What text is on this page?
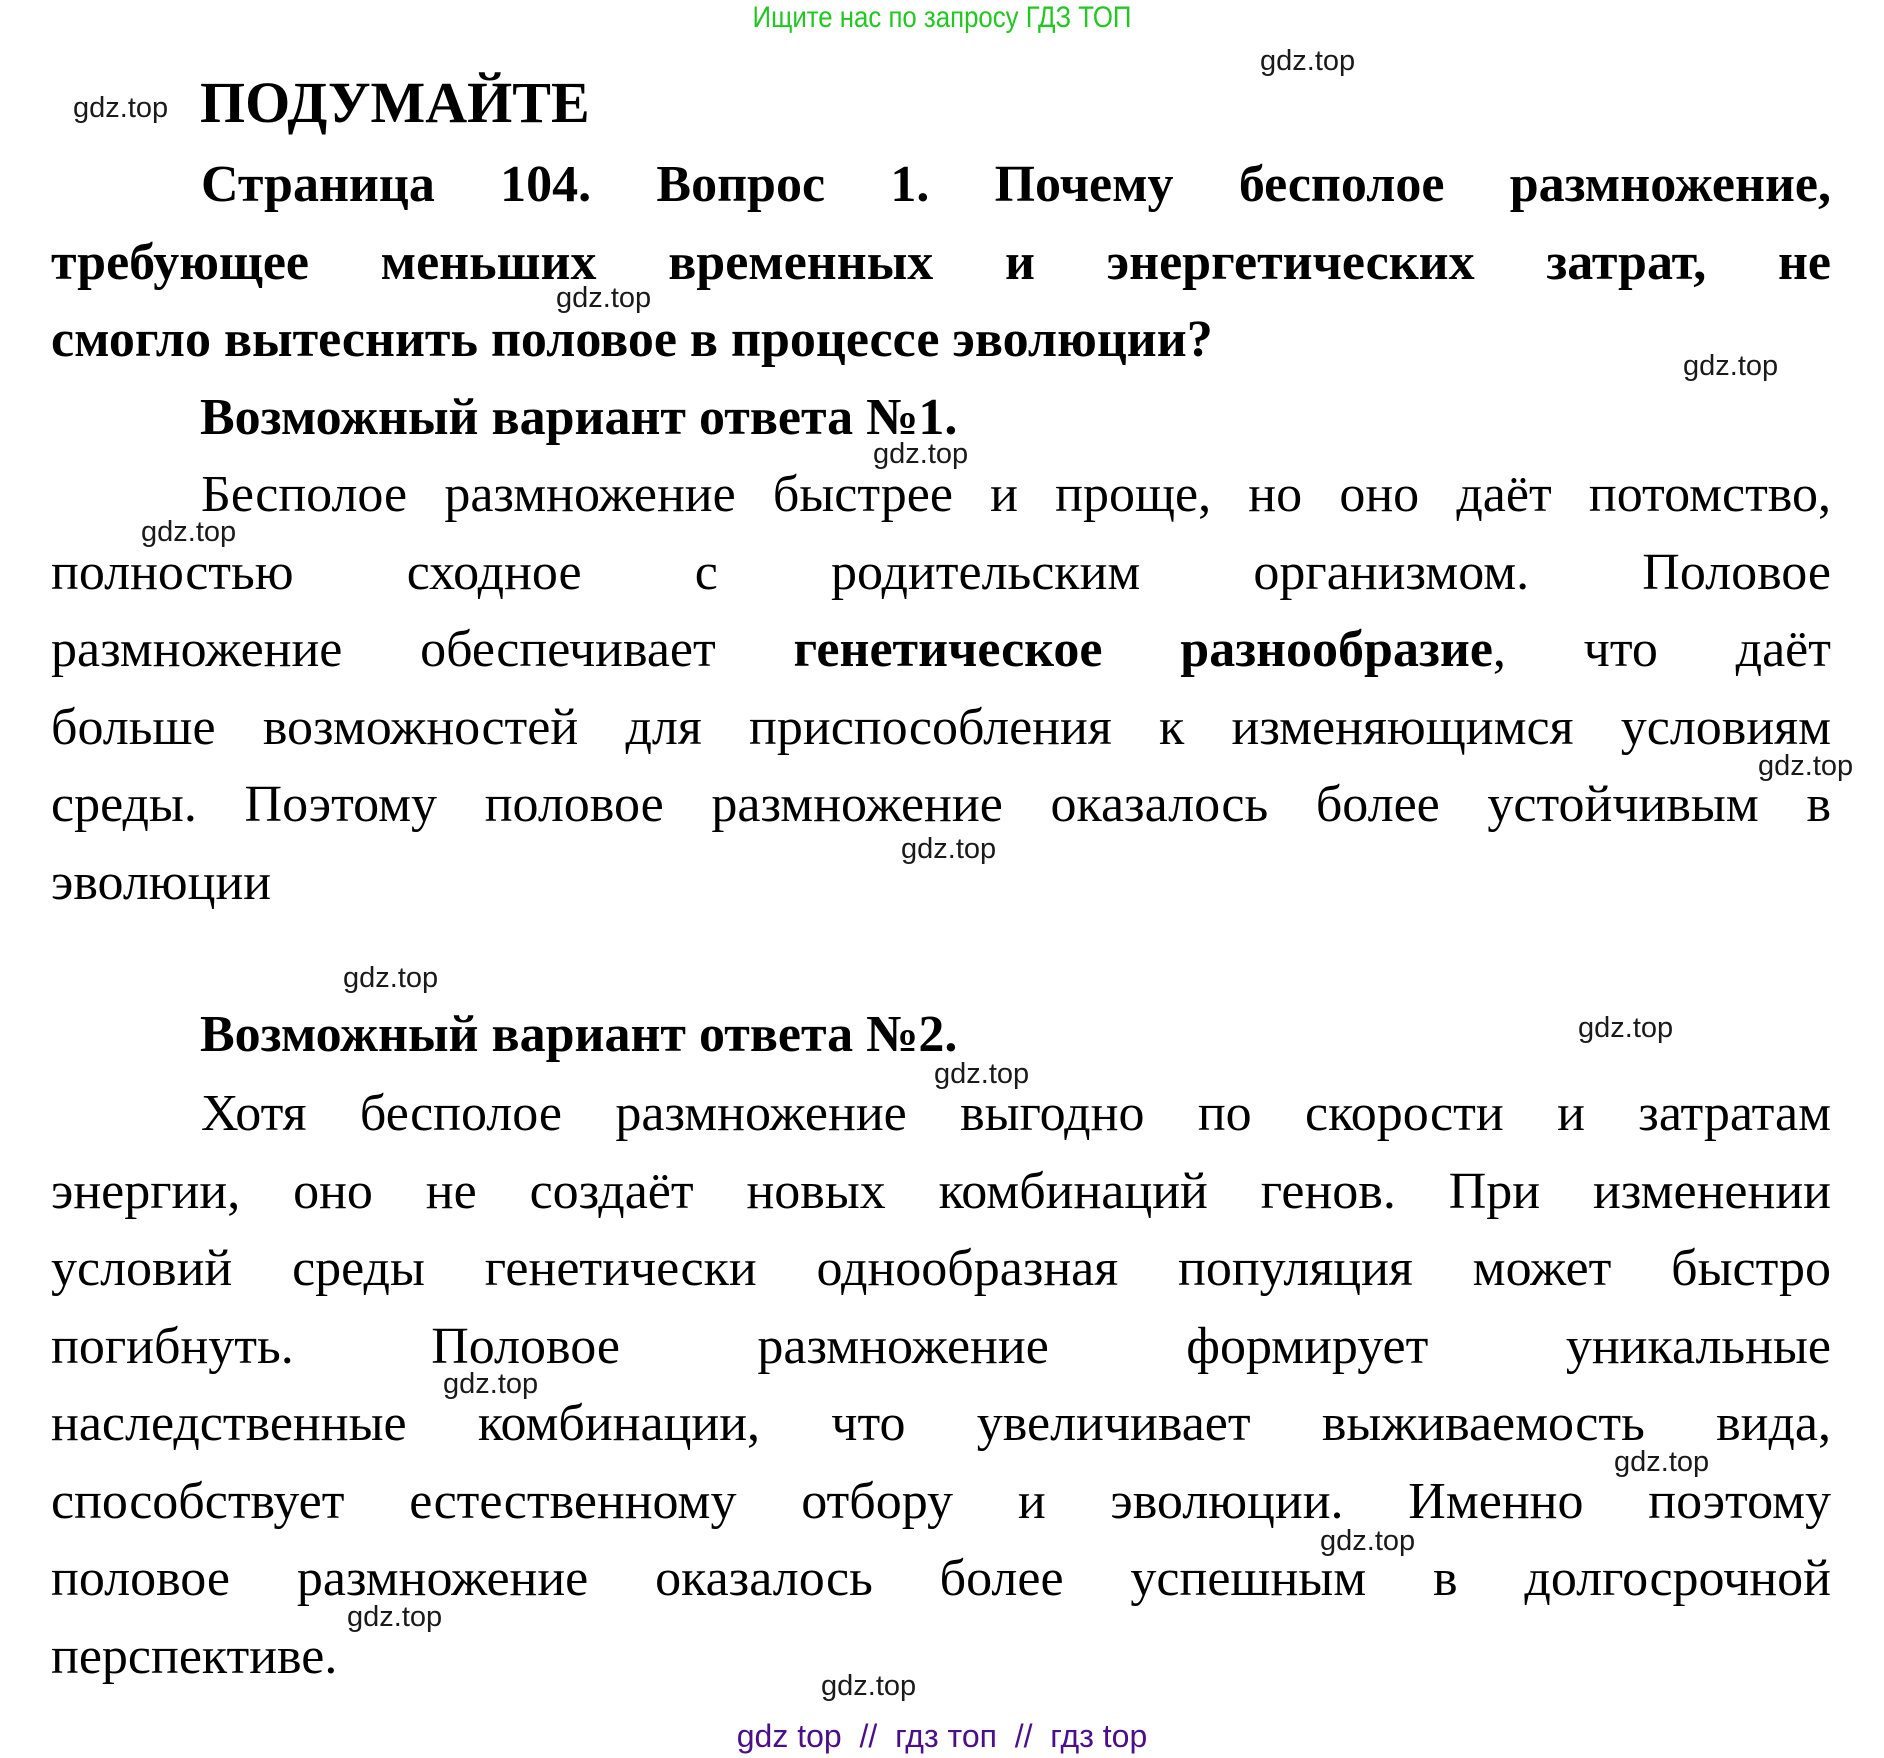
Ищите нас по запросу ГДЗ ТОП
ПОДУМАЙТЕ
Страница 104. Вопрос 1. Почему бесполое размножение,
требующее меньших временных и энергетических затрат, не
смогло вытеснить половое в процессе эволюции?
Возможный вариант ответа №1.
Бесполое размножение быстрее и проще, но оно даёт потомство,
полностью сходное с родительским организмом. Половое
размножение обеспечивает генетическое разнообразие, что даёт
больше возможностей для приспособления к изменяющимся условиям
среды. Поэтому половое размножение оказалось более устойчивым в
эволюции
Возможный вариант ответа №2.
Хотя бесполое размножение выгодно по скорости и затратам
энергии, оно не создаёт новых комбинаций генов. При изменении
условий среды генетически однообразная популяция может быстро
погибнуть. Половое размножение формирует уникальные
наследственные комбинации, что увеличивает выживаемость вида,
способствует естественному отбору и эволюции. Именно поэтому
половое размножение оказалось более успешным в долгосрочной
перспективе.
gdz.top
gdz.top
gdz.top
gdz.top
gdz.top
gdz.top
gdz.top
gdz.top
gdz.top
gdz.top
gdz.top
gdz.top
gdz.top
gdz.top
gdz.top
gdz.top
gdz top  //  гдз топ  //  гдз top
